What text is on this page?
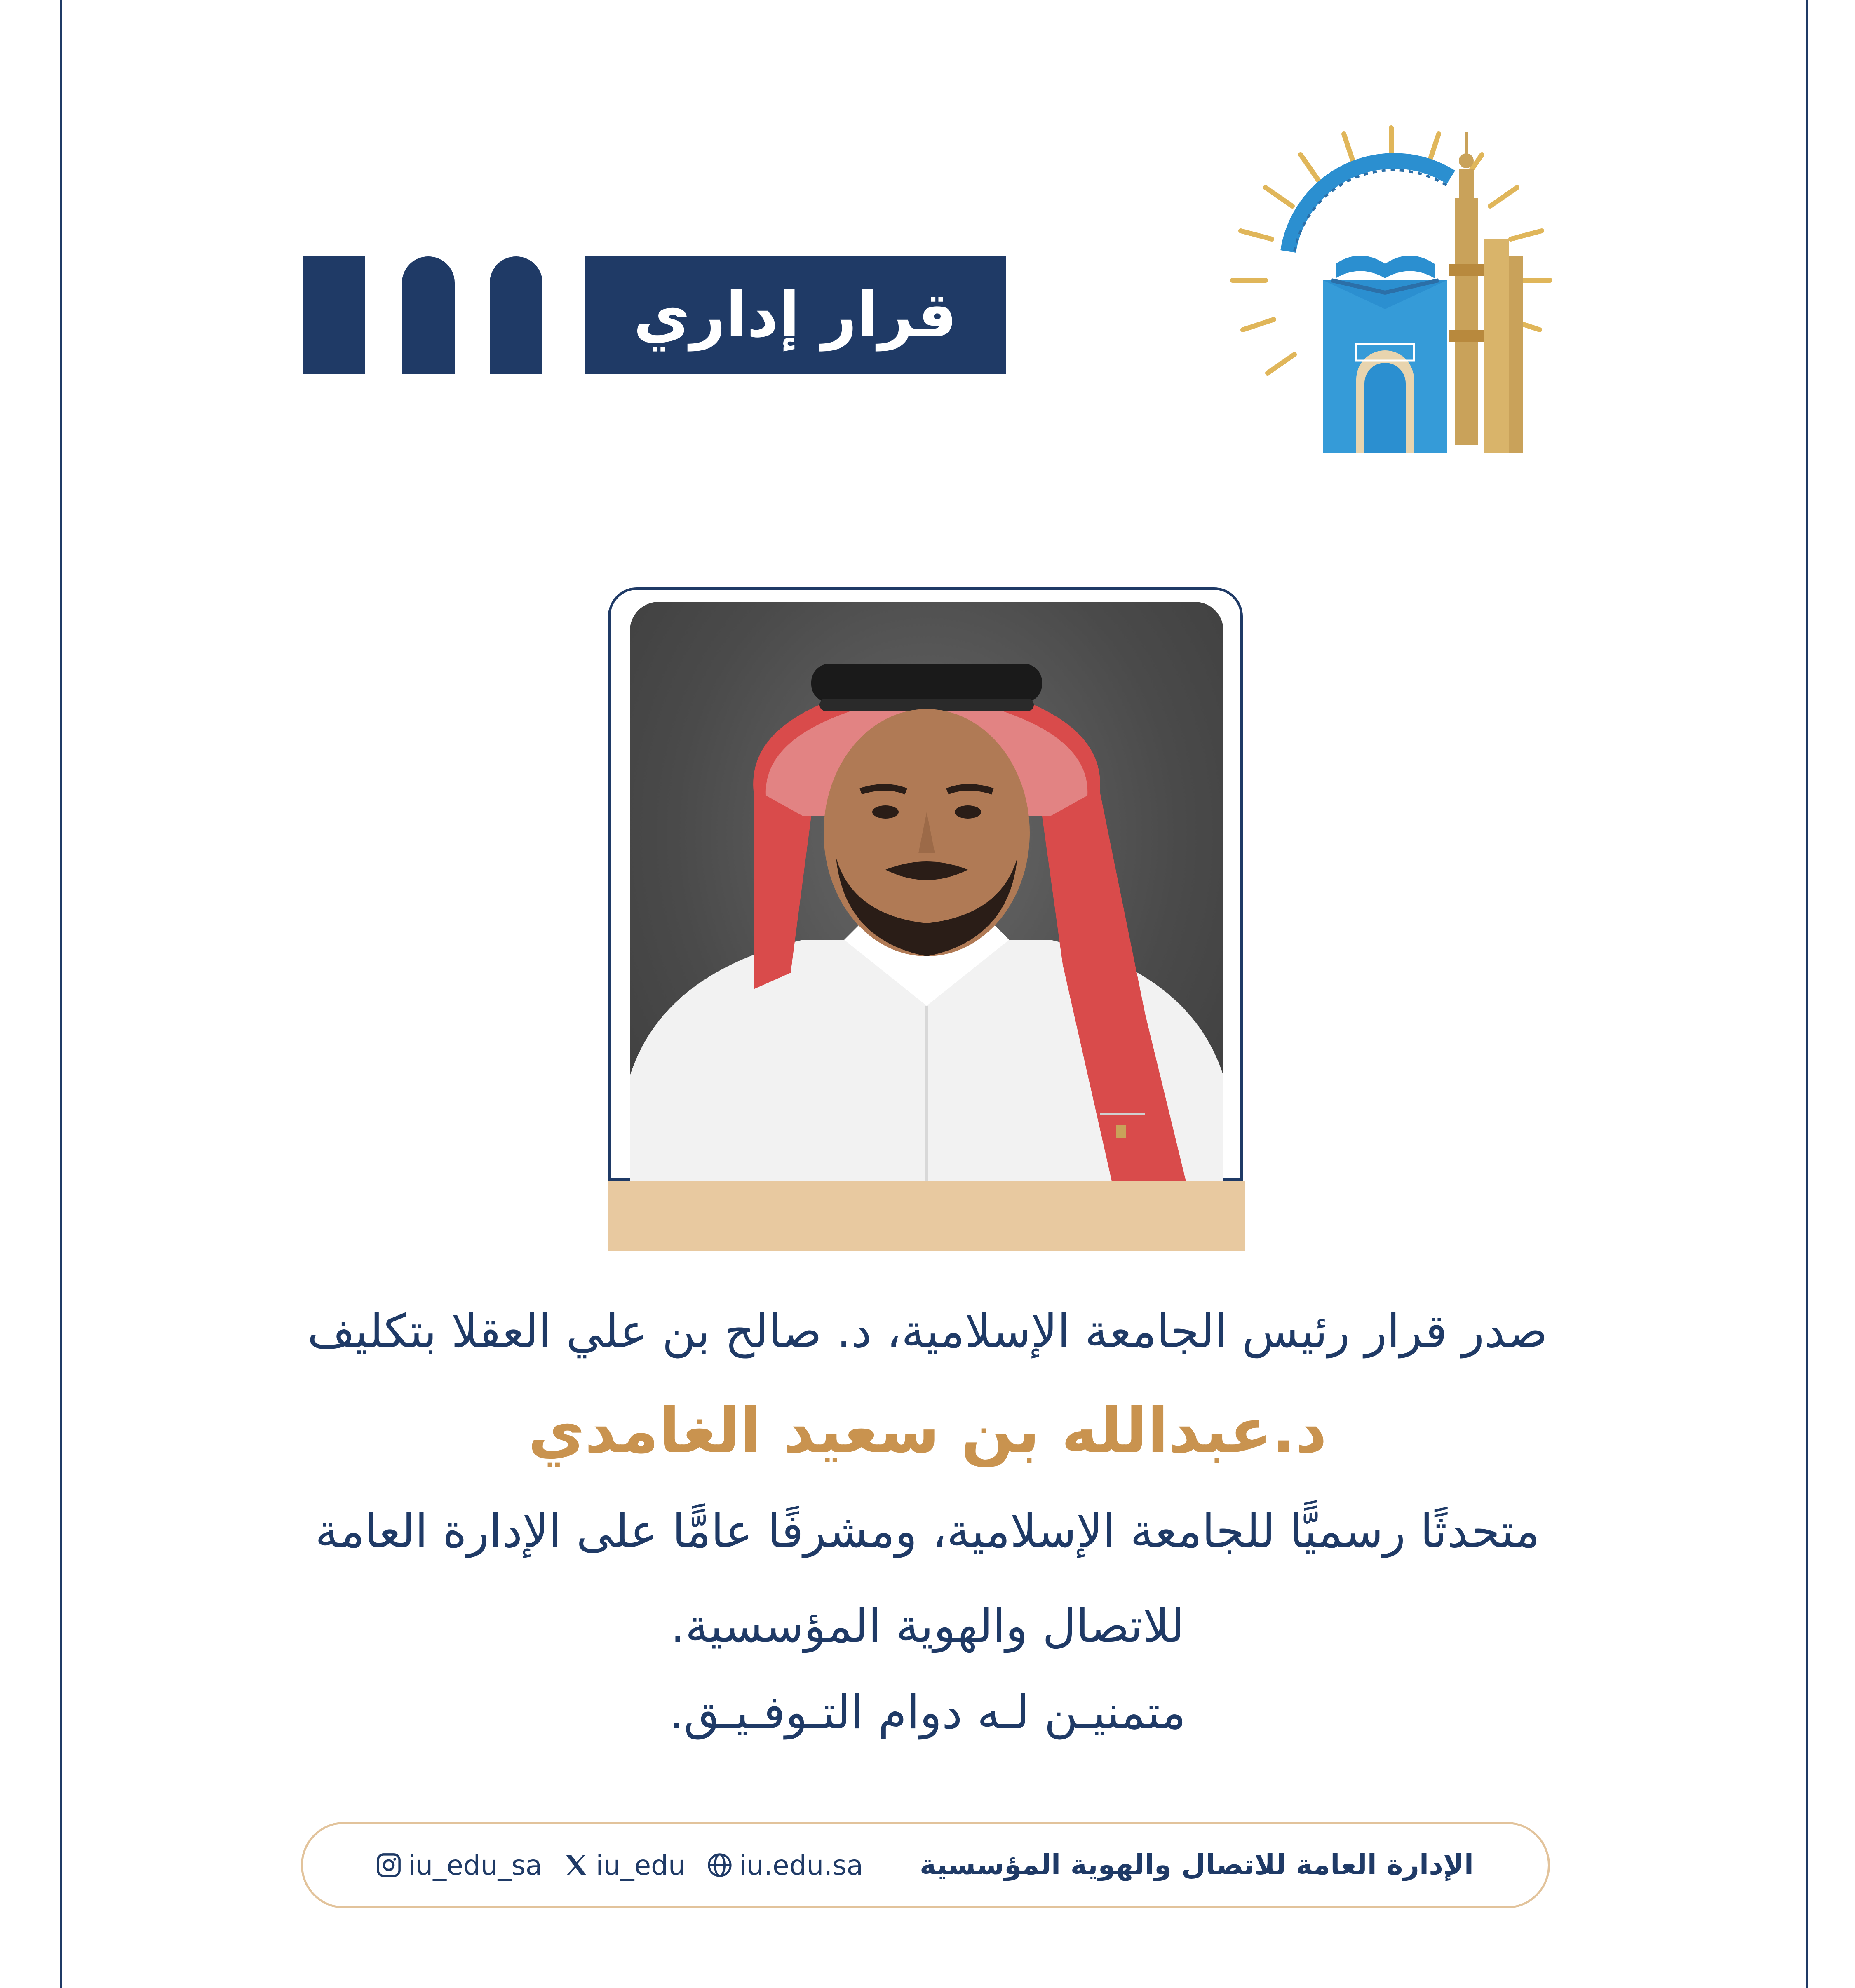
قرار إداري
صدر قرار رئيس الجامعة الإسلامية، د. صالح بن علي العقلا بتكليف
د.عبدالله بن سعيد الغامدي
متحدثًا رسميًّا للجامعة الإسلامية، ومشرفًا عامًّا على الإدارة العامة
للاتصال والهوية المؤسسية.
متمنيـن لـه دوام التـوفـيـق.
iu_edu_sa iu_edu iu.edu.sa الإدارة العامة للاتصال والهوية المؤسسية
